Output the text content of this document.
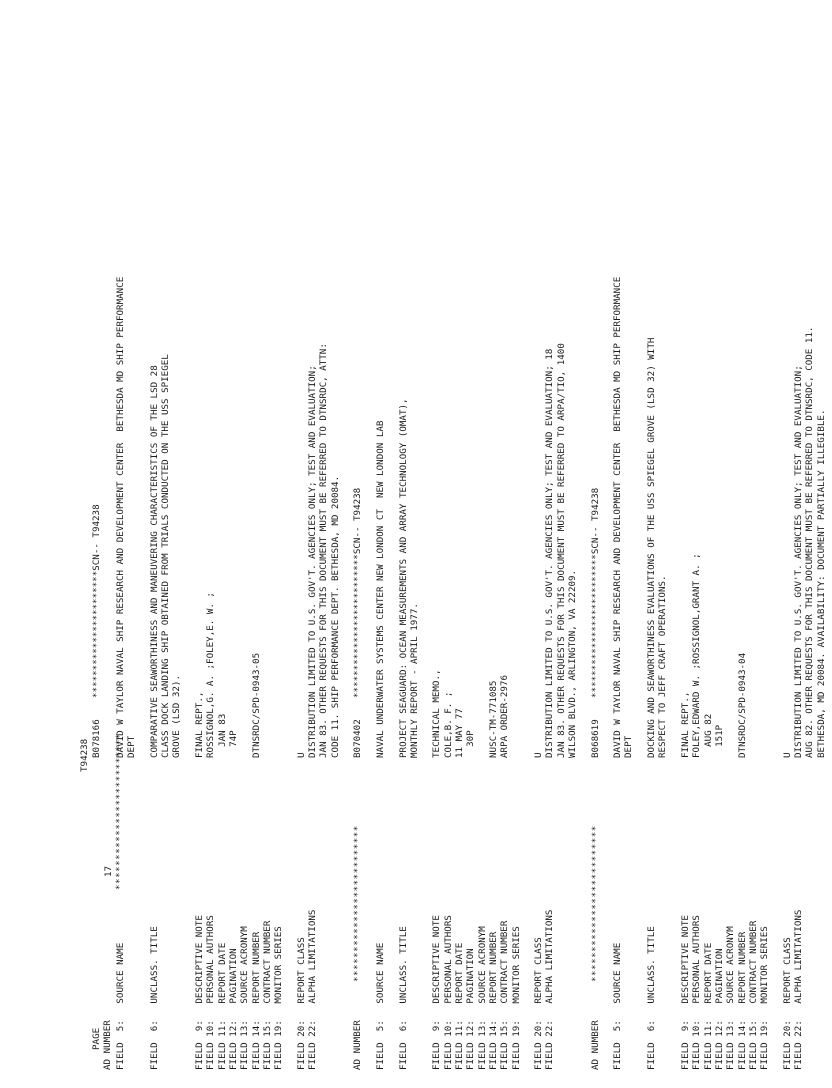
PAGE

17

T94238

AD NUMBER

**************************

B078166
***********************SCN-- T94238
FIELD  5:   SOURCE NAME
DAVID W TAYLOR NAVAL SHIP RESEARCH AND DEVELOPMENT CENTER  BETHESDA MD SHIP PERFORMANCE DEPT
FIELD  6:   UNCLASS. TITLE
COMPARATIVE SEAWORTHINESS AND MANEUVERING CHARACTERISTICS OF THE LSD 28 CLASS DOCK LANDING SHIP OBTAINED FROM TRIALS CONDUCTED ON THE USS SPIEGEL GROVE (LSD 32).
FIELD  9:   DESCRIPTIVE NOTE
FINAL REPT.,
FIELD 10:   PERSONAL AUTHORS
ROSSIGNOL,G. A. ;FOLEY,E. W. ;
FIELD 11:   REPORT DATE
JAN 83
FIELD 12:   PAGINATION
74P
FIELD 13:   SOURCE ACRONYM FIELD 14:   REPORT NUMBER
DTNSRDC/SPD-0943-05
FIELD 15:   CONTRACT NUMBER FIELD 19:   MONITOR SERIES FIELD 20:   REPORT CLASS
U
FIELD 22:   ALPHA LIMITATIONS
DISTRIBUTION LIMITED TO U.S. GOV'T. AGENCIES ONLY; TEST AND EVALUATION; JAN 83. OTHER REQUESTS FOR THIS DOCUMENT MUST BE REFERRED TO DTNSRDC, ATTN: CODE 11. SHIP PERFORMANCE DEPT. BETHESDA, MD 20084.
AD NUMBER
**************************
B070402
**************************SCN-- T94238
FIELD  5:   SOURCE NAME
NAVAL UNDERWATER SYSTEMS CENTER NEW LONDON CT  NEW LONDON LAB
FIELD  6:   UNCLASS. TITLE
PROJECT SEAGUARD: OCEAN MEASUREMENTS AND ARRAY TECHNOLOGY (OMAT), MONTHLY REPORT - APRIL 1977.
FIELD  9:   DESCRIPTIVE NOTE
TECHNICAL MEMO.,
FIELD 10:   PERSONAL AUTHORS
COLE,B. F. ;
FIELD 11:   REPORT DATE
11 MAY 77
FIELD 12:   PAGINATION
30P
FIELD 13:   SOURCE ACRONYM FIELD 14:   REPORT NUMBER
NUSC-TM-771085
FIELD 15:   CONTRACT NUMBER
ARPA ORDER-2976
FIELD 19:   MONITOR SERIES FIELD 20:   REPORT CLASS
U
FIELD 22:   ALPHA LIMITATIONS
DISTRIBUTION LIMITED TO U.S. GOV'T. AGENCIES ONLY; TEST AND EVALUATION; 18 JAN 83. OTHER REQUESTS FOR THIS DOCUMENT MUST BE REFERRED TO ARPA/TIO, 1400 WILSON BLVD., ARLINGTON, VA 22209.
AD NUMBER
**************************
B068619
**************************SCN-- T94238
FIELD  5:   SOURCE NAME
DAVID W TAYLOR NAVAL SHIP RESEARCH AND DEVELOPMENT CENTER  BETHESDA MD SHIP PERFORMANCE DEPT
FIELD  6:   UNCLASS. TITLE
DOCKING AND SEAWORTHINESS EVALUATIONS OF THE USS SPIEGEL GROVE (LSD 32) WITH RESPECT TO JEFF CRAFT OPERATIONS.
FIELD  9:   DESCRIPTIVE NOTE
FINAL REPT.,
FIELD 10:   PERSONAL AUTHORS
FOLEY,EDWARD W. ;ROSSIGNOL,GRANT A. ;
FIELD 11:   REPORT DATE
AUG 82
FIELD 12:   PAGINATION
151P
FIELD 13:   SOURCE ACRONYM FIELD 14:   REPORT NUMBER
DTNSRDC/SPD-0943-04
FIELD 15:   CONTRACT NUMBER FIELD 19:   MONITOR SERIES FIELD 20:   REPORT CLASS
U
FIELD 22:   ALPHA LIMITATIONS
DISTRIBUTION LIMITED TO U.S. GOV'T. AGENCIES ONLY; TEST AND EVALUATION; AUG 82. OTHER REQUESTS FOR THIS DOCUMENT MUST BE REFERRED TO DTNSRDC, CODE 11. BETHESDA, MD 20084. AVAILABILITY: DOCUMENT PARTIALLY ILLEGIBLE.
